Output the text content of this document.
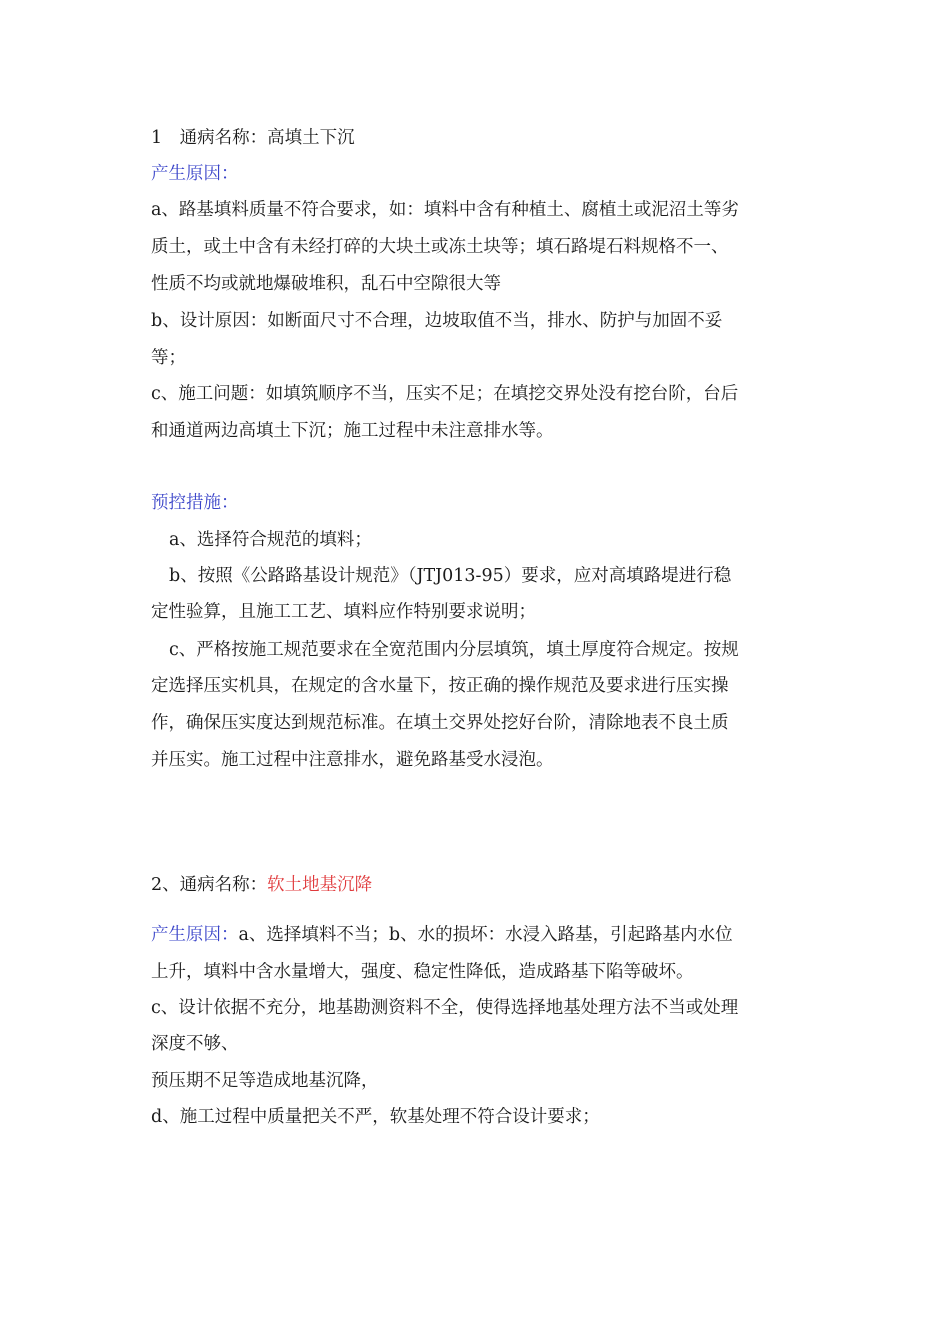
1　通病名称：高填土下沉

产生原因：

a、路基填料质量不符合要求，如：填料中含有种植土、腐植土或泥沼土等劣

质土，或土中含有未经打碎的大块土或冻土块等；填石路堤石料规格不一、

性质不均或就地爆破堆积，乱石中空隙很大等

b、设计原因：如断面尺寸不合理，边坡取值不当，排水、防护与加固不妥

等；

c、施工问题：如填筑顺序不当，压实不足；在填挖交界处没有挖台阶，台后

和通道两边高填土下沉；施工过程中未注意排水等。

预控措施：

a、选择符合规范的填料；

b、按照《公路路基设计规范》（JTJ013-95）要求，应对高填路堤进行稳

定性验算，且施工工艺、填料应作特别要求说明；

c、严格按施工规范要求在全宽范围内分层填筑，填土厚度符合规定。按规

定选择压实机具，在规定的含水量下，按正确的操作规范及要求进行压实操

作，确保压实度达到规范标准。在填土交界处挖好台阶，清除地表不良土质

并压实。施工过程中注意排水，避免路基受水浸泡。

2、通病名称：软土地基沉降

产生原因：a、选择填料不当；b、水的损坏：水浸入路基，引起路基内水位

上升，填料中含水量增大，强度、稳定性降低，造成路基下陷等破坏。

c、设计依据不充分，地基勘测资料不全，使得选择地基处理方法不当或处理

深度不够、

预压期不足等造成地基沉降，

d、施工过程中质量把关不严，软基处理不符合设计要求；
